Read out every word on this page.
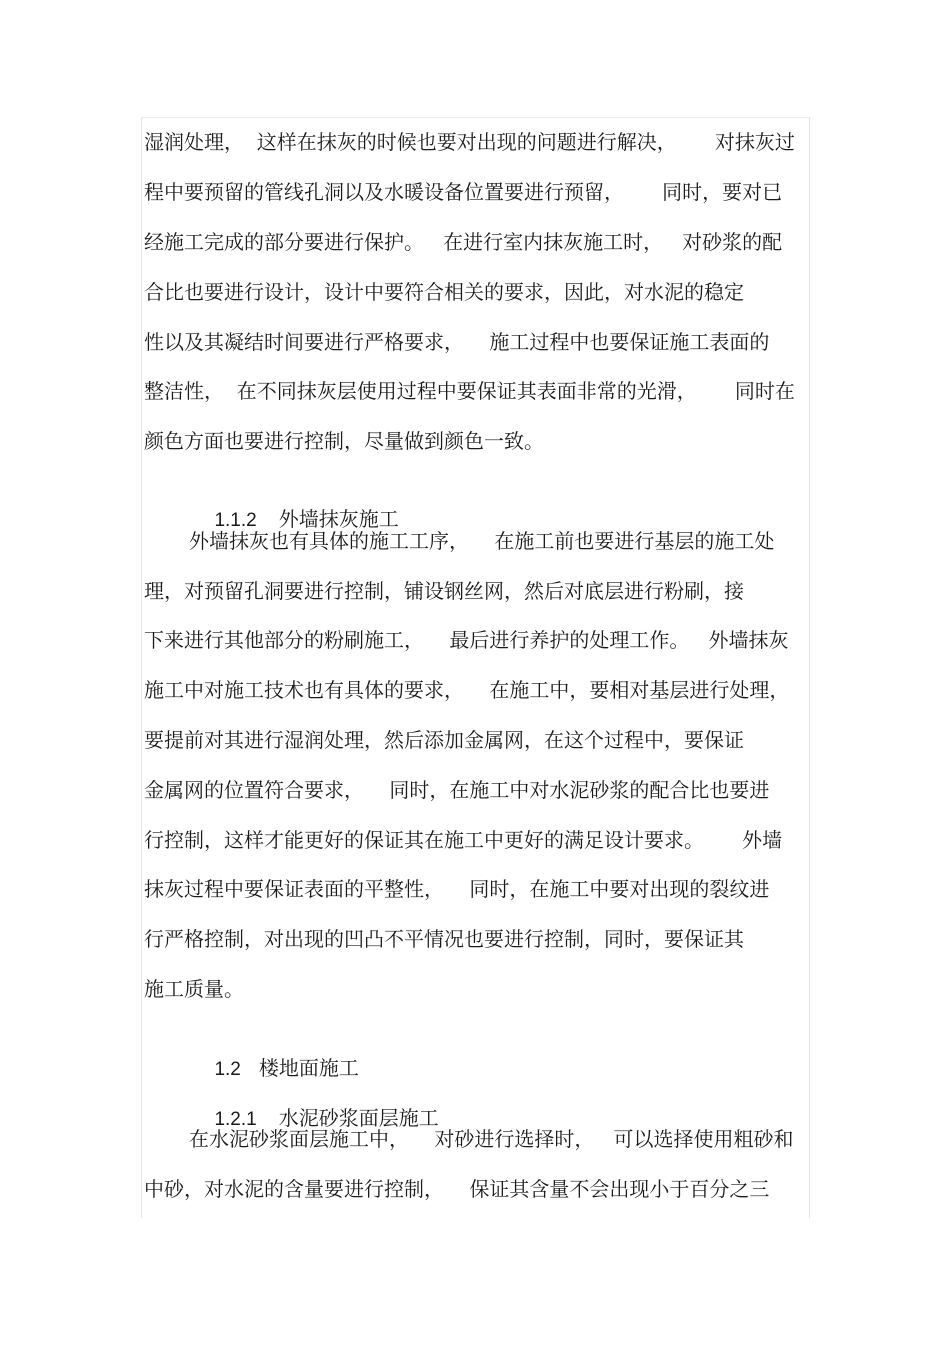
湿润处理，  这样在抹灰的时候也要对出现的问题进行解决，      对抹灰过
程中要预留的管线孔洞以及水暖设备位置要进行预留，      同时，要对已
经施工完成的部分要进行保护。   在进行室内抹灰施工时，   对砂浆的配
合比也要进行设计，设计中要符合相关的要求，因此，对水泥的稳定
性以及其凝结时间要进行严格要求，    施工过程中也要保证施工表面的
整洁性，  在不同抹灰层使用过程中要保证其表面非常的光滑，      同时在
颜色方面也要进行控制，尽量做到颜色一致。

1.1.2 外墙抹灰施工

外墙抹灰也有具体的施工工序，    在施工前也要进行基层的施工处
理，对预留孔洞要进行控制，铺设钢丝网，然后对底层进行粉刷，接
下来进行其他部分的粉刷施工，    最后进行养护的处理工作。   外墙抹灰
施工中对施工技术也有具体的要求，    在施工中，要相对基层进行处理，
要提前对其进行湿润处理，然后添加金属网，在这个过程中，要保证
金属网的位置符合要求，    同时，在施工中对水泥砂浆的配合比也要进
行控制，这样才能更好的保证其在施工中更好的满足设计要求。      外墙
抹灰过程中要保证表面的平整性，    同时，在施工中要对出现的裂纹进
行严格控制，对出现的凹凸不平情况也要进行控制，同时，要保证其
施工质量。

1.2 楼地面施工

1.2.1 水泥砂浆面层施工

在水泥砂浆面层施工中，    对砂进行选择时，   可以选择使用粗砂和
中砂，对水泥的含量要进行控制，    保证其含量不会出现小于百分之三
